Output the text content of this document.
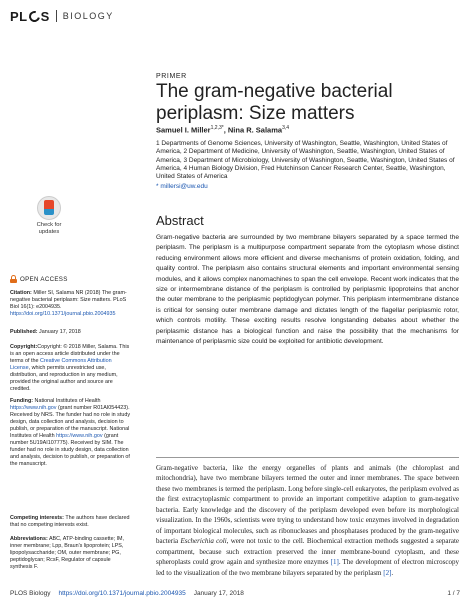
PL S BIOLOGY
PRIMER
The gram-negative bacterial periplasm: Size matters
Samuel I. Miller$^{1,2,3*}$, Nina R. Salama$^{3,4}$
1 Departments of Genome Sciences, University of Washington, Seattle, Washington, United States of America, 2 Department of Medicine, University of Washington, Seattle, Washington, United States of America, 3 Department of Microbiology, University of Washington, Seattle, Washington, United States of America, 4 Human Biology Division, Fred Hutchinson Cancer Research Center, Seattle, Washington, United States of America
* millersi@uw.edu
Abstract
Gram-negative bacteria are surrounded by two membrane bilayers separated by a space termed the periplasm. The periplasm is a multipurpose compartment separate from the cytoplasm whose distinct reducing environment allows more efficient and diverse mechanisms of protein oxidation, folding, and quality control. The periplasm also contains structural elements and important environmental sensing modules, and it allows complex nanomachines to span the cell envelope. Recent work indicates that the size or intermembrane distance of the periplasm is controlled by periplasmic lipoproteins that anchor the outer membrane to the periplasmic peptidoglycan polymer. This periplasm intermembrane distance is critical for sensing outer membrane damage and dictates length of the flagellar periplasmic rotor, which controls motility. These exciting results resolve longstanding debates about whether the periplasmic distance has a biological function and raise the possibility that the mechanisms for maintenance of periplasmic size could be exploited for antibiotic development.
Gram-negative bacteria, like the energy organelles of plants and animals (the chloroplast and mitochondria), have two membrane bilayers termed the outer and inner membranes. The space between these two membranes is termed the periplasm. Long before single-cell eukaryotes, the periplasm evolved as the first extracytoplasmic compartment to provide an important competitive adaption to gram-negative bacteria. Early knowledge and the discovery of the periplasm developed even before its morphological visualization. In the 1960s, scientists were trying to understand how toxic enzymes involved in degradation of important biological molecules, such as ribonucleases and phosphatases produced by the gram-negative bacteria Escherichia coli, were not toxic to the cell. Biochemical extraction methods suggested a separate compartment, because such extraction preserved the inner membrane-bound cytoplasm, and these spheroplasts could grow again and synthesize more enzymes [1]. The development of electron microscopy led to the visualization of the two membrane bilayers separated by the periplasm [2].
Check for updates
OPEN ACCESS
Citation: Miller SI, Salama NR (2018) The gram-negative bacterial periplasm: Size matters. PLoS Biol 16(1): e2004935. https://doi.org/10.1371/journal.pbio.2004935
Published: January 17, 2018
Copyright:Copyright: © 2018 Miller, Salama. This is an open access article distributed under the terms of the Creative Commons Attribution License, which permits unrestricted use, distribution, and reproduction in any medium, provided the original author and source are credited.
Funding: National Institutes of Health https://www.nih.gov (grant number R01AI054423). Received by NRS. The funder had no role in study design, data collection and analysis, decision to publish, or preparation of the manuscript. National Institutes of Health https://www.nih.gov (grant number 5U19AI107775). Received by SIM. The funder had no role in study design, data collection and analysis, decision to publish, or preparation of the manuscript.
Competing interests: The authors have declared that no competing interests exist.
Abbreviations: ABC, ATP-binding cassette; IM, inner membrane; Lpp, Braun's lipoprotein; LPS, lipopolysaccharide; OM, outer membrane; PG, peptidoglycan; RcsF, Regulator of capsule synthesis F.
PLOS Biology https://doi.org/10.1371/journal.pbio.2004935 January 17, 2018	1 / 7
